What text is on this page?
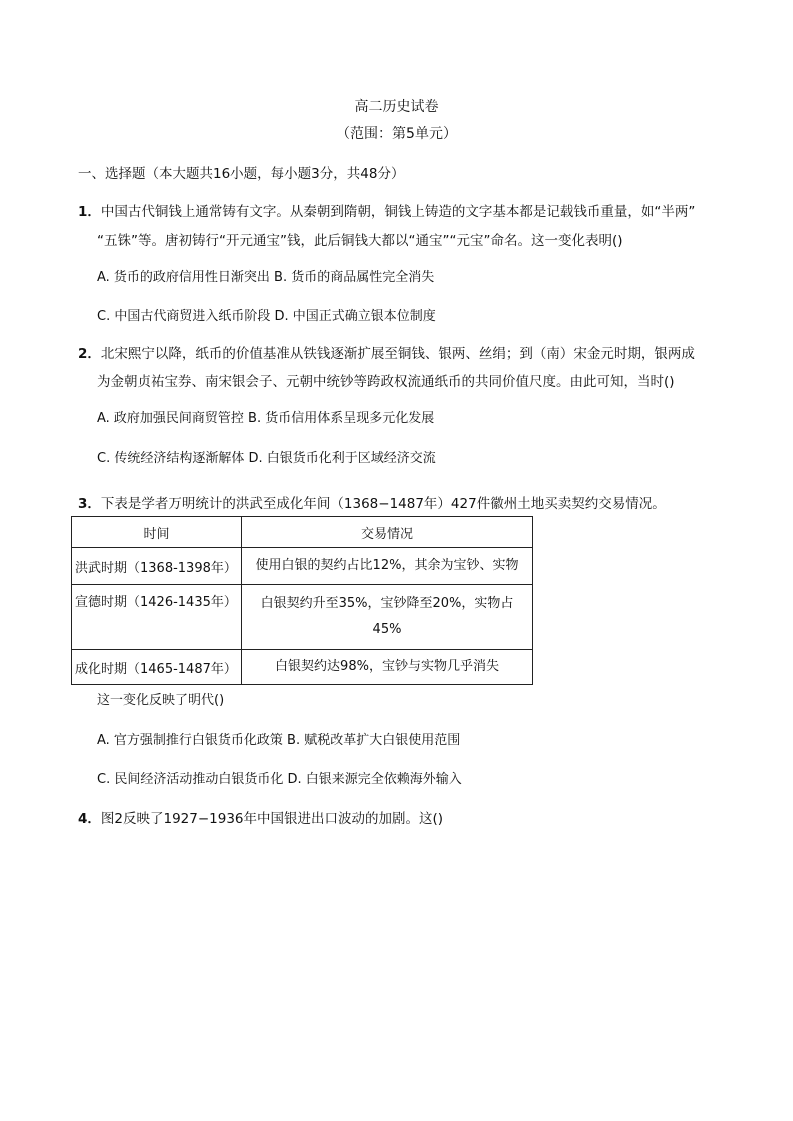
高二历史试卷
（范围：第5单元）
一、选择题（本大题共16小题，每小题3分，共48分）
1．中国古代铜钱上通常铸有文字。从秦朝到隋朝，铜钱上铸造的文字基本都是记载钱币重量，如“半两”
“五铢”等。唐初铸行“开元通宝”钱，此后铜钱大都以“通宝”“元宝”命名。这一变化表明()
A. 货币的政府信用性日渐突出 B. 货币的商品属性完全消失
C. 中国古代商贸进入纸币阶段 D. 中国正式确立银本位制度
2．北宋熙宁以降，纸币的价值基准从铁钱逐渐扩展至铜钱、银两、丝绢；到（南）宋金元时期，银两成
为金朝贞祐宝券、南宋银会子、元朝中统钞等跨政权流通纸币的共同价值尺度。由此可知，当时()
A. 政府加强民间商贸管控 B. 货币信用体系呈现多元化发展
C. 传统经济结构逐渐解体 D. 白银货币化利于区域经济交流
3．下表是学者万明统计的洪武至成化年间（1368−1487年）427件徽州土地买卖契约交易情况。
时间	交易情况
洪武时期（1368-1398年）	使用白银的契约占比12%，其余为宝钞、实物

宣德时期（1426-1435年）	白银契约升至35%，宝钞降至20%，实物占
45%

成化时期（1465-1487年）	白银契约达98%，宝钞与实物几乎消失
这一变化反映了明代()
A. 官方强制推行白银货币化政策 B. 赋税改革扩大白银使用范围
C. 民间经济活动推动白银货币化 D. 白银来源完全依赖海外输入
4．图2反映了1927−1936年中国银进出口波动的加剧。这()
